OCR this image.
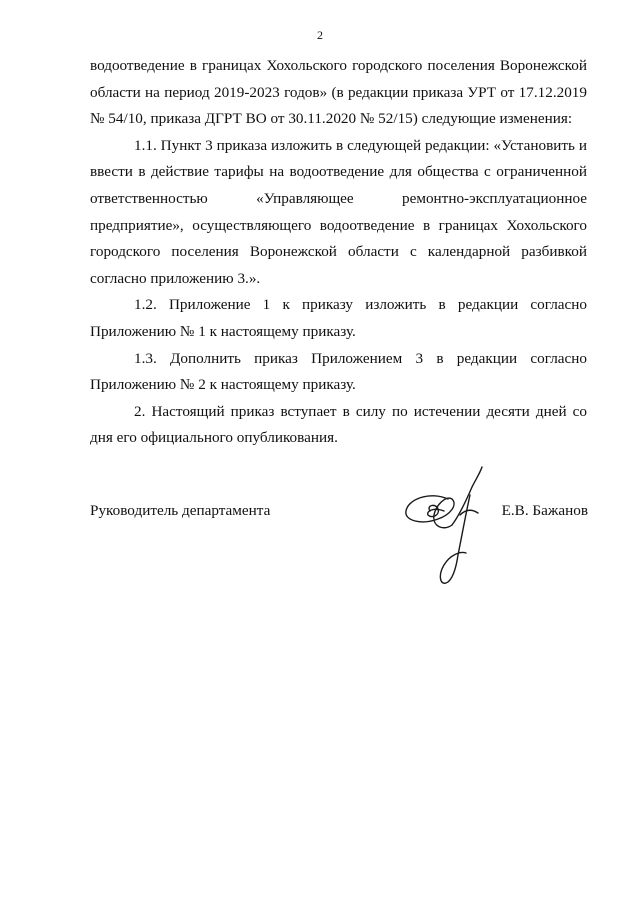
2

водоотведение в границах Хохольского городского поселения Воронежской области на период 2019-2023 годов» (в редакции приказа УРТ от 17.12.2019 № 54/10, приказа ДГРТ ВО от 30.11.2020 № 52/15) следующие изменения:

1.1. Пункт 3 приказа изложить в следующей редакции: «Установить и ввести в действие тарифы на водоотведение для общества с ограниченной ответственностью «Управляющее ремонтно-эксплуатационное предприятие», осуществляющего водоотведение в границах Хохольского городского поселения Воронежской области с календарной разбивкой согласно приложению 3.».

1.2. Приложение 1 к приказу изложить в редакции согласно Приложению № 1 к настоящему приказу.

1.3. Дополнить приказ Приложением 3 в редакции согласно Приложению № 2 к настоящему приказу.

2. Настоящий приказ вступает в силу по истечении десяти дней со дня его официального опубликования.

Руководитель департамента	Е.В. Бажанов
